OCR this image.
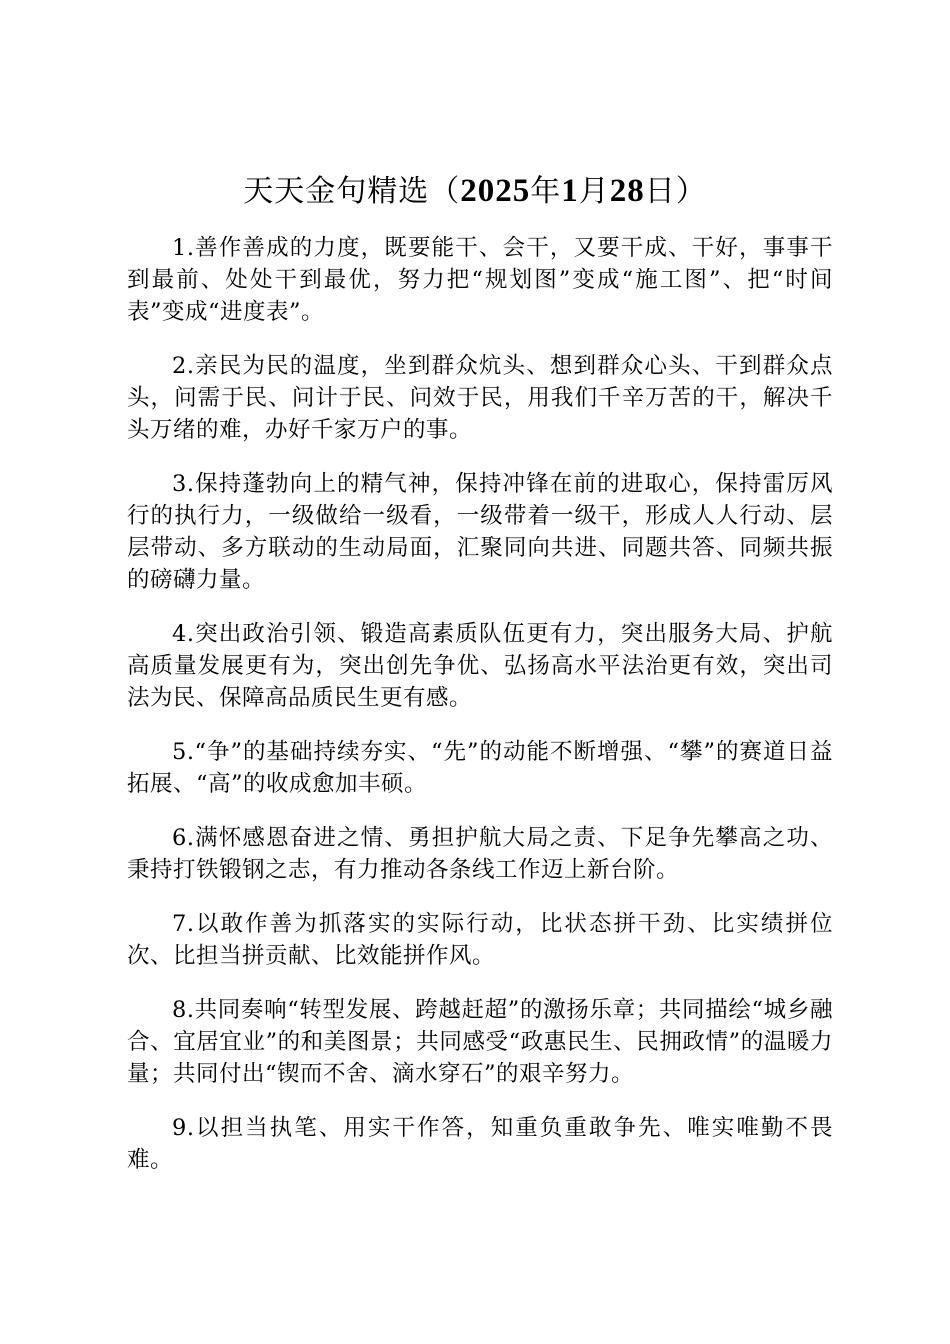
天天金句精选（2025年1月28日）

1.善作善成的力度，既要能干、会干，又要干成、干好，事事干到最前、处处干到最优，努力把“规划图”变成“施工图”、把“时间表”变成“进度表”。

2.亲民为民的温度，坐到群众炕头、想到群众心头、干到群众点头，问需于民、问计于民、问效于民，用我们千辛万苦的干，解决千头万绪的难，办好千家万户的事。

3.保持蓬勃向上的精气神，保持冲锋在前的进取心，保持雷厉风行的执行力，一级做给一级看，一级带着一级干，形成人人行动、层层带动、多方联动的生动局面，汇聚同向共进、同题共答、同频共振的磅礴力量。

4.突出政治引领、锻造高素质队伍更有力，突出服务大局、护航高质量发展更有为，突出创先争优、弘扬高水平法治更有效，突出司法为民、保障高品质民生更有感。

5.“争”的基础持续夯实、“先”的动能不断增强、“攀”的赛道日益拓展、“高”的收成愈加丰硕。

6.满怀感恩奋进之情、勇担护航大局之责、下足争先攀高之功、秉持打铁锻钢之志，有力推动各条线工作迈上新台阶。

7.以敢作善为抓落实的实际行动，比状态拼干劲、比实绩拼位次、比担当拼贡献、比效能拼作风。

8.共同奏响“转型发展、跨越赶超”的激扬乐章；共同描绘“城乡融合、宜居宜业”的和美图景；共同感受“政惠民生、民拥政情”的温暖力量；共同付出“锲而不舍、滴水穿石”的艰辛努力。

9.以担当执笔、用实干作答，知重负重敢争先、唯实唯勤不畏难。
